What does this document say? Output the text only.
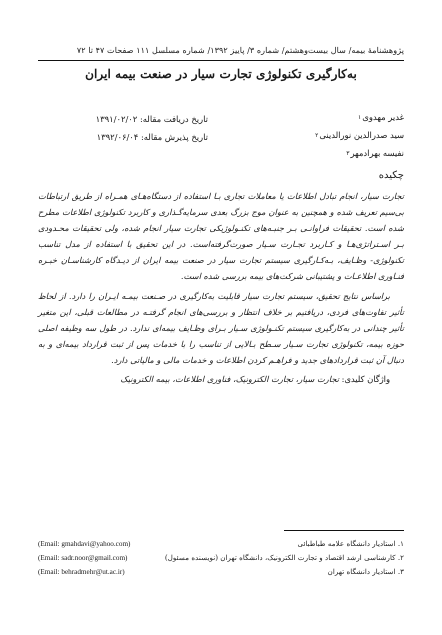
پژوهشنامهٔ بیمه/ سال بیست‌وهشتم/ شماره ۳/ پاییز ۱۳۹۲/ شماره مسلسل ۱۱۱ صفحات ۴۷ تا ۷۲
به‌کارگیری تکنولوژی تجارت سیار در صنعت بیمه ایران
غدیر مهدوی$^۱$
سید صدرالدین نورالدینی$^۲$
نفیسه بهرادمهر$^۳$
تاریخ دریافت مقاله: ۱۳۹۱/۰۲/۰۲
تاریخ پذیرش مقاله: ۱۳۹۲/۰۶/۰۴
چکیده

تجارت سیار، انجام تبادل اطلاعات یا معاملات تجاری بـا استفاده از دستگاه‌هـای همـراه از طریق ارتباطات بی‌سیم تعریف شده و همچنین به عنوان موج بزرگ بعدی سرمایه‌گـذاری و کاربرد تکنولوژی اطلاعات مطرح شده است. تحقیقات فراوانـی بـر جنبـه‌های تکنـولوژیکی تجارت سیار انجام شده، ولی تحقیقات محـدودی بـر اسـتراتژی‌هـا و کـاربرد تجـارت سـیار صورت‌گرفته‌است. در این تحقیق با استفاده از مدل تناسب تکنولوژی- وظـایف، بـه‌کـارگیری سیستم تجارت سیار در صنعت بیمه ایران از دیـدگاه کارشناسـان خبـره فنـاوری اطلاعـات و پشتیبانی شرکت‌های بیمه بررسی شده است.

براساس نتایج تحقیق، سیستم تجارت سیار قابلیت به‌کارگیری در صـنعت بیمـه ایـران را دارد. از لحاظ تأثیر تفاوت‌های فردی، دریافتیم بر خلاف انتظار و بررسی‌های انجام گرفتـه در مطالعات قبلی، این متغیر تأثیر چندانی در به‌کارگیری سیستم تکنـولوژی سـیار بـرای وظـایف بیمه‌ای ندارد. در طول سه وظیفه اصلی حوزه بیمه، تکنولوژی تجارت سـیار سـطح بـالایی از تناسب را با خدمات پس از ثبت قرارداد بیمه‌ای و به دنبال آن ثبت قراردادهای جدید و فراهـم کردن اطلاعات و خدمات مالی و مالیاتی دارد.

واژگان کلیدی: تجارت سیار، تجارت الکترونیک، فناوری اطلاعات، بیمه الکترونیک

۱. استادیار دانشگاه علامه طباطبائی
(Email: gmahdavi@yahoo.com)
۲. کارشناسی ارشد اقتصاد و تجارت الکترونیک، دانشگاه تهران (نویسنده مسئول)
(Email: sadr.noor@gmail.com)
۳. استادیار دانشگاه تهران
(Email: behradmehr@ut.ac.ir)
